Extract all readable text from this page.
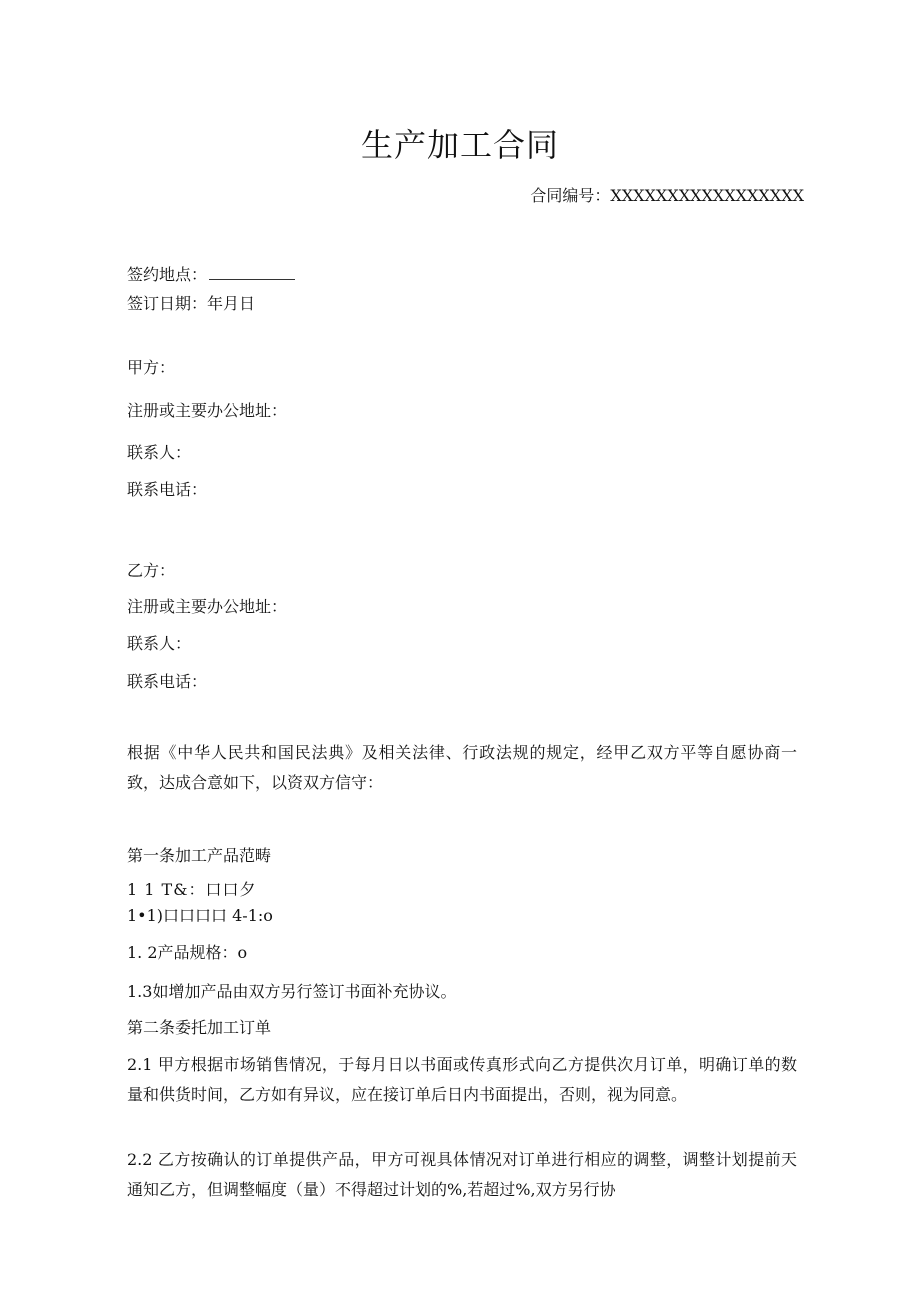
生产加工合同
合同编号：XXXXXXXXXXXXXXXXX
签约地点：
签订日期：年月日
甲方：
注册或主要办公地址：
联系人：
联系电话：
乙方：
注册或主要办公地址：
联系人：
联系电话：
根据《中华人民共和国民法典》及相关法律、行政法规的规定，经甲乙双方平等自愿协商一致，达成合意如下，以资双方信守：
第一条加工产品范畴
1 1 T&：口口夕
1•1)口口口口 4-1:o
1. 2产品规格：o
1.3如增加产品由双方另行签订书面补充协议。
第二条委托加工订单
2.1 甲方根据市场销售情况，于每月日以书面或传真形式向乙方提供次月订单，明确订单的数量和供货时间，乙方如有异议，应在接订单后日内书面提出，否则，视为同意。
2.2 乙方按确认的订单提供产品，甲方可视具体情况对订单进行相应的调整，调整计划提前天通知乙方，但调整幅度（量）不得超过计划的%,若超过%,双方另行协
